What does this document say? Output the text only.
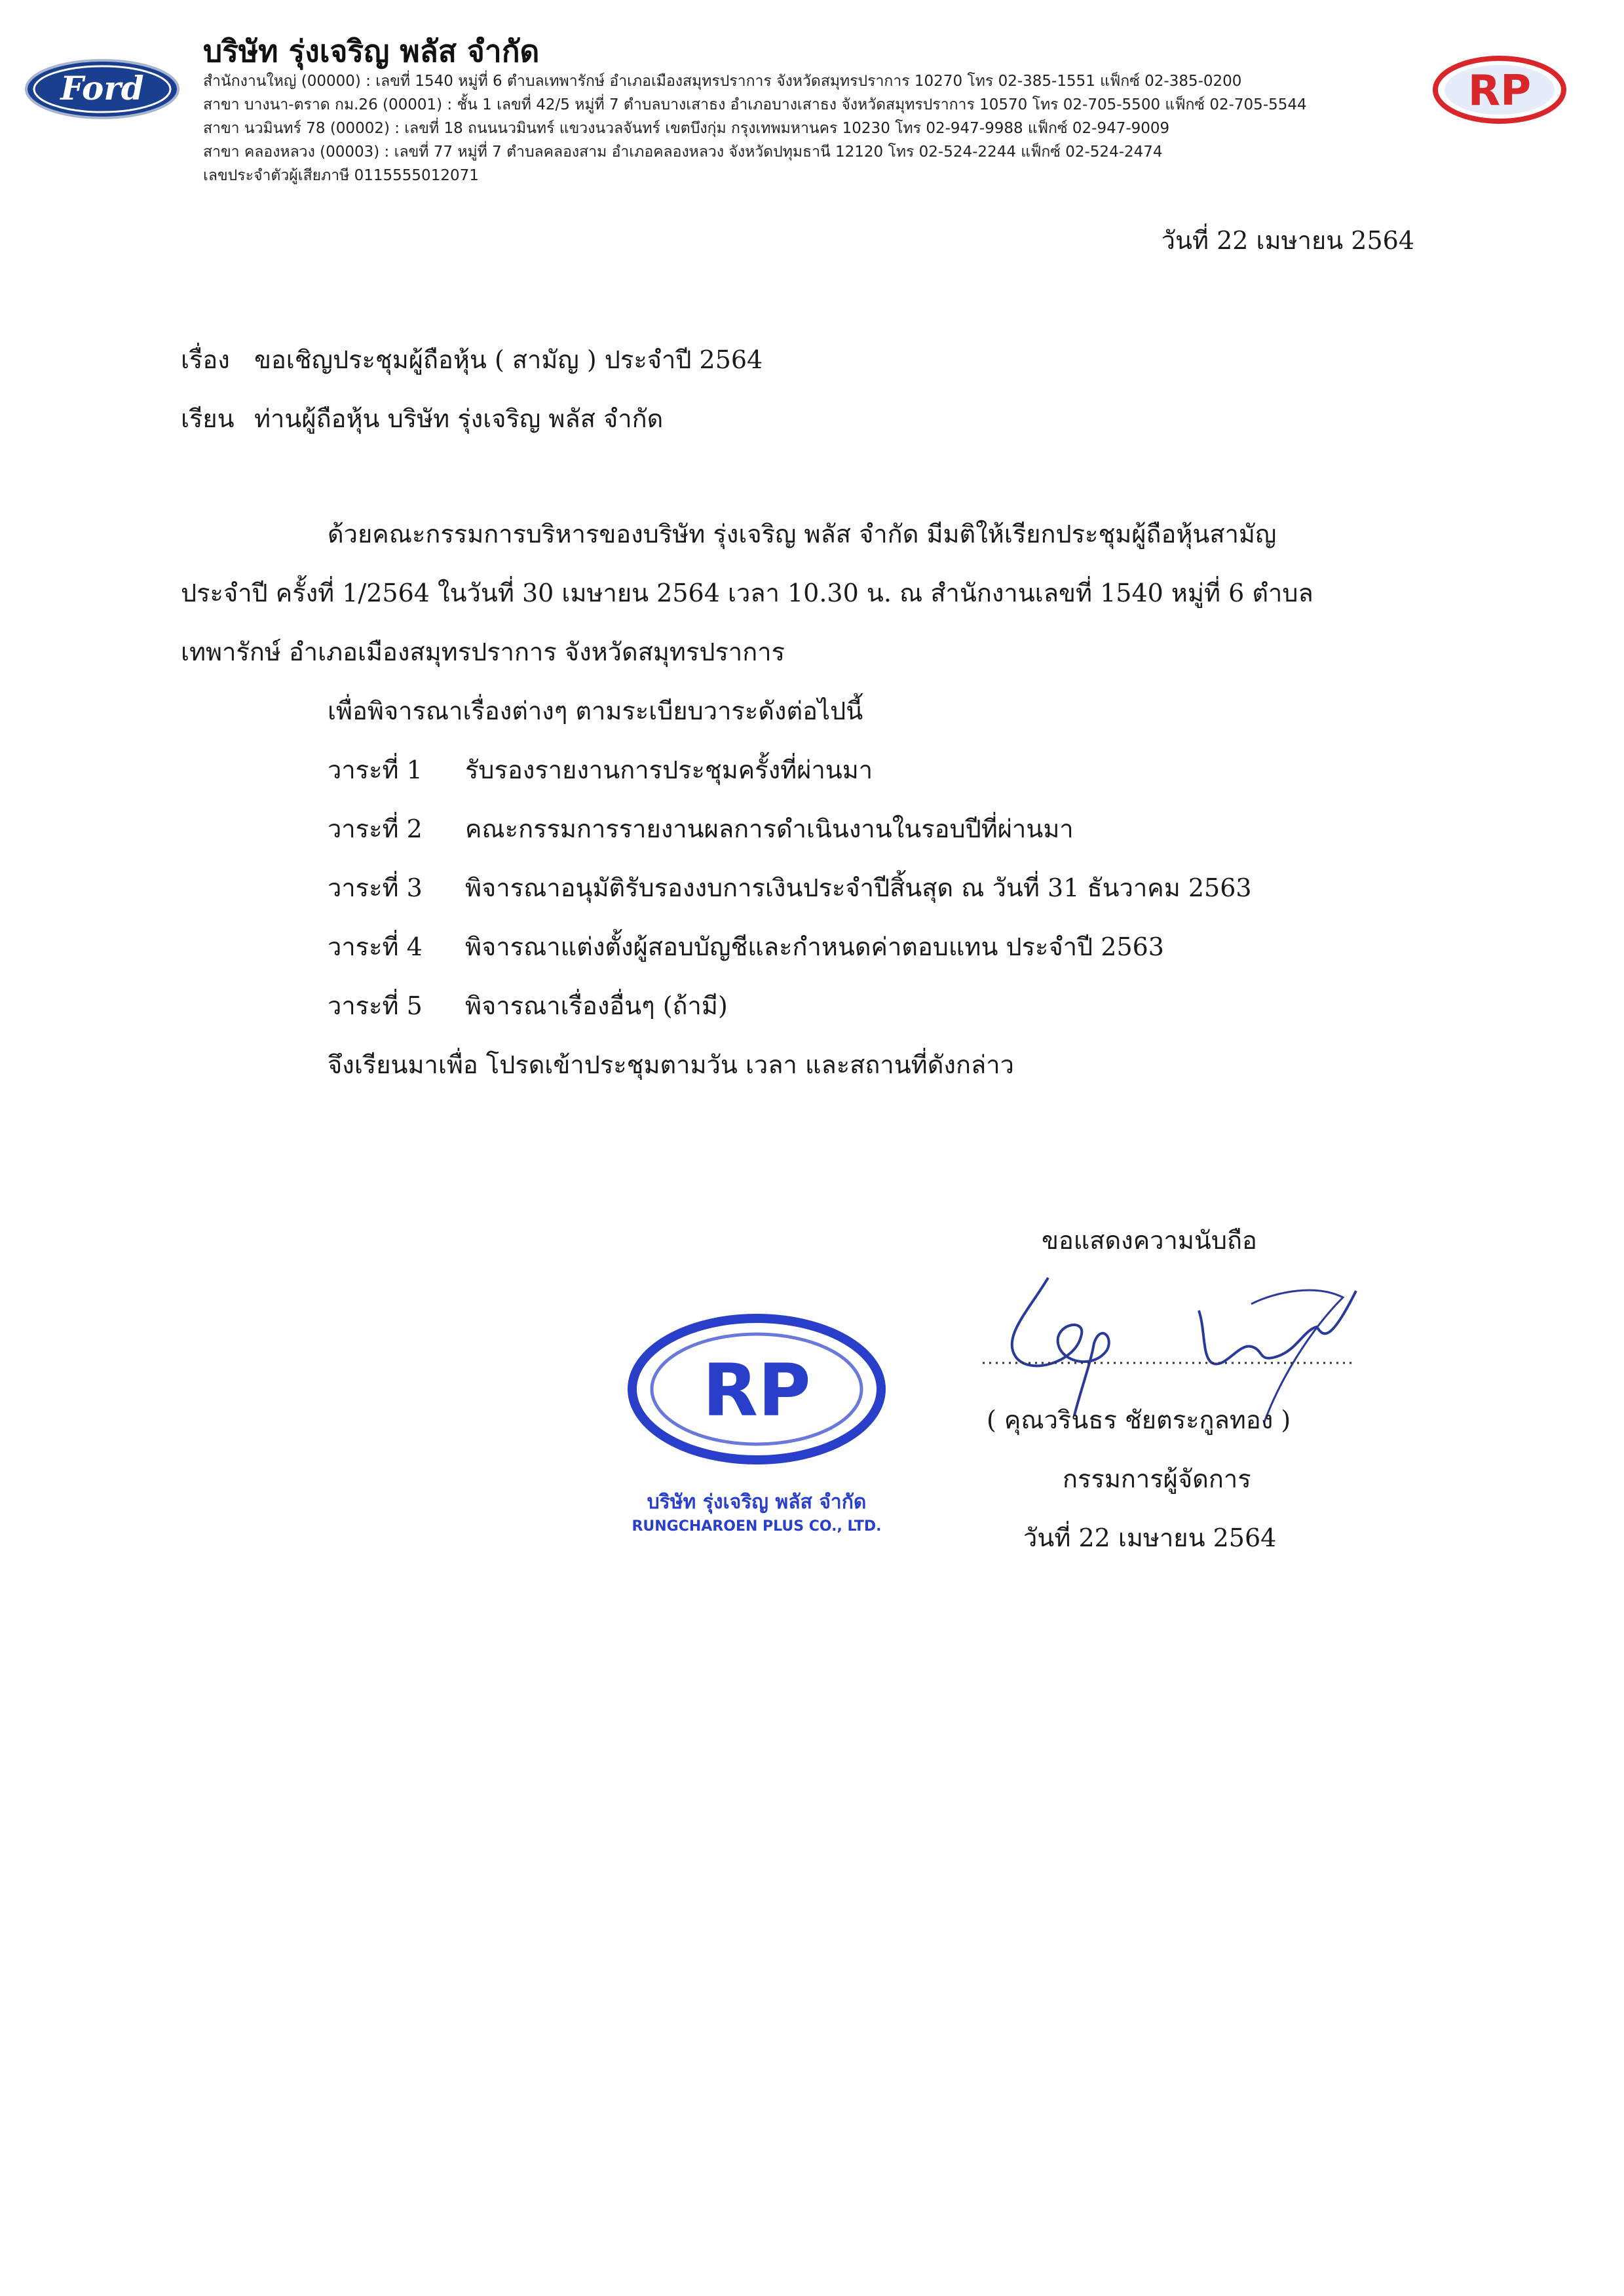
Ford
บริษัท รุ่งเจริญ พลัส จำกัด
สำนักงานใหญ่ (00000) : เลขที่ 1540 หมู่ที่ 6 ตำบลเทพารักษ์ อำเภอเมืองสมุทรปราการ จังหวัดสมุทรปราการ 10270 โทร 02-385-1551 แฟ็กซ์ 02-385-0200
สาขา บางนา-ตราด กม.26 (00001) : ชั้น 1 เลขที่ 42/5 หมู่ที่ 7 ตำบลบางเสาธง อำเภอบางเสาธง จังหวัดสมุทรปราการ 10570 โทร 02-705-5500 แฟ็กซ์ 02-705-5544
สาขา นวมินทร์ 78 (00002) : เลขที่ 18 ถนนนวมินทร์ แขวงนวลจันทร์ เขตบึงกุ่ม กรุงเทพมหานคร 10230 โทร 02-947-9988 แฟ็กซ์ 02-947-9009
สาขา คลองหลวง (00003) : เลขที่ 77 หมู่ที่ 7 ตำบลคลองสาม อำเภอคลองหลวง จังหวัดปทุมธานี 12120 โทร 02-524-2244 แฟ็กซ์ 02-524-2474
เลขประจำตัวผู้เสียภาษี 0115555012071
RP
วันที่ 22 เมษายน 2564
เรื่อง ขอเชิญประชุมผู้ถือหุ้น ( สามัญ ) ประจำปี 2564
เรียน ท่านผู้ถือหุ้น บริษัท รุ่งเจริญ พลัส จำกัด
ด้วยคณะกรรมการบริหารของบริษัท รุ่งเจริญ พลัส จำกัด มีมติให้เรียกประชุมผู้ถือหุ้นสามัญ
ประจำปี ครั้งที่ 1/2564 ในวันที่ 30 เมษายน 2564 เวลา 10.30 น. ณ สำนักงานเลขที่ 1540 หมู่ที่ 6 ตำบล
เทพารักษ์ อำเภอเมืองสมุทรปราการ จังหวัดสมุทรปราการ
เพื่อพิจารณาเรื่องต่างๆ ตามระเบียบวาระดังต่อไปนี้
วาระที่ 1 รับรองรายงานการประชุมครั้งที่ผ่านมา
วาระที่ 2 คณะกรรมการรายงานผลการดำเนินงานในรอบปีที่ผ่านมา
วาระที่ 3 พิจารณาอนุมัติรับรองงบการเงินประจำปีสิ้นสุด ณ วันที่ 31 ธันวาคม 2563
วาระที่ 4 พิจารณาแต่งตั้งผู้สอบบัญชีและกำหนดค่าตอบแทน ประจำปี 2563
วาระที่ 5 พิจารณาเรื่องอื่นๆ (ถ้ามี)
จึงเรียนมาเพื่อ โปรดเข้าประชุมตามวัน เวลา และสถานที่ดังกล่าว
ขอแสดงความนับถือ
( คุณวรินธร ชัยตระกูลทอง )
กรรมการผู้จัดการ
วันที่ 22 เมษายน 2564
RP
บริษัท รุ่งเจริญ พลัส จำกัด
RUNGCHAROEN PLUS CO., LTD.
